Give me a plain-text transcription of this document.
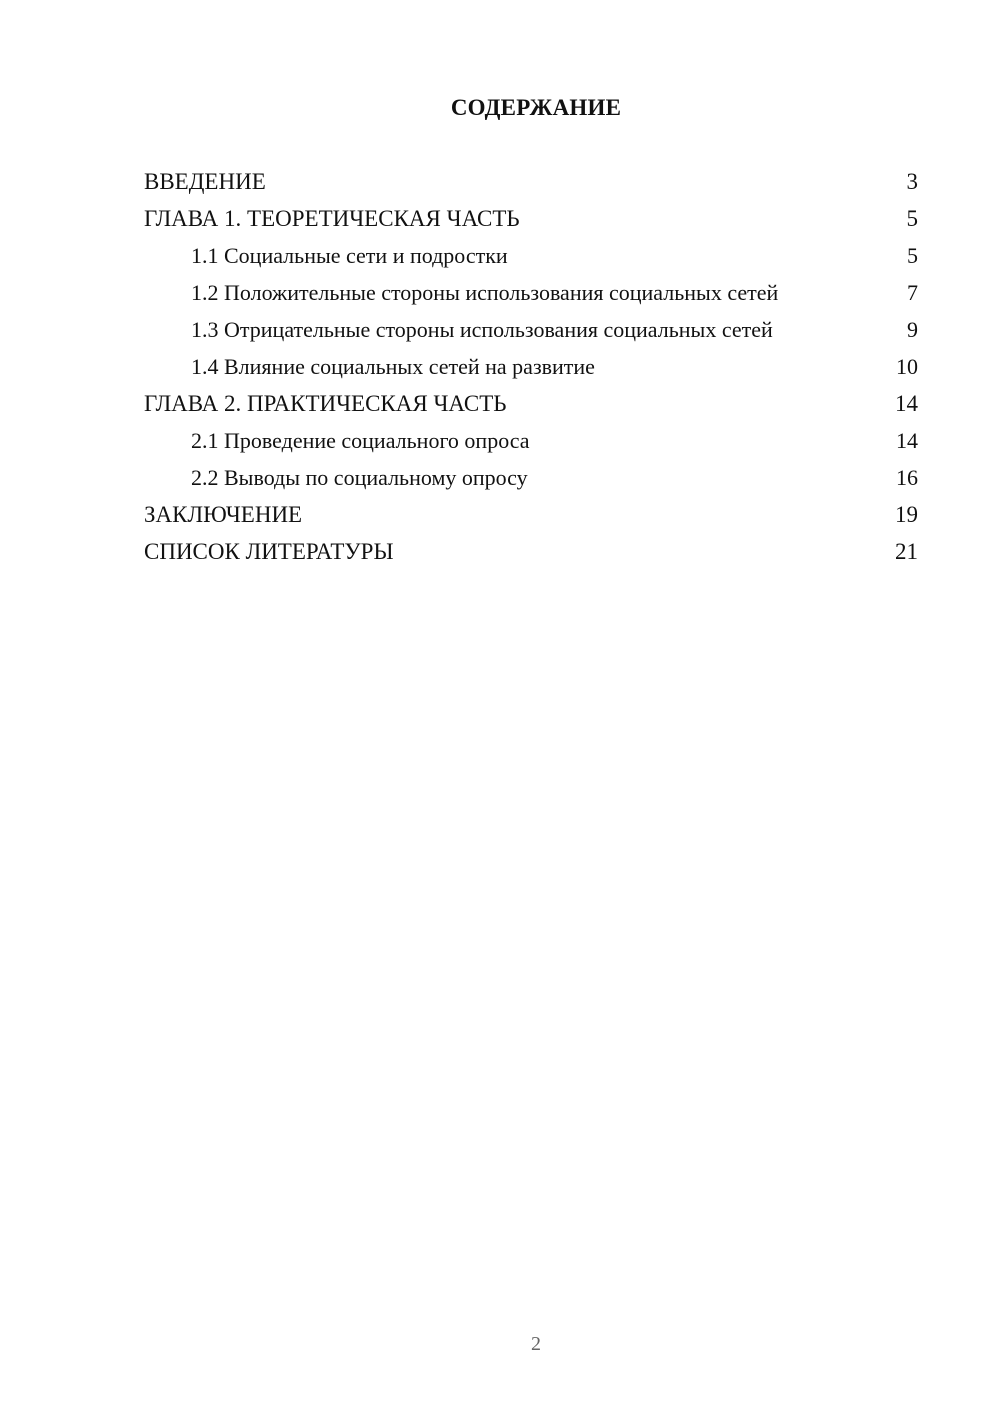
СОДЕРЖАНИЕ
ВВЕДЕНИЕ	3
ГЛАВА 1. ТЕОРЕТИЧЕСКАЯ ЧАСТЬ	5
1.1 Социальные сети и подростки	5
1.2 Положительные стороны использования социальных сетей	7
1.3 Отрицательные стороны использования социальных сетей	9
1.4 Влияние социальных сетей на развитие	10
ГЛАВА 2. ПРАКТИЧЕСКАЯ ЧАСТЬ	14
2.1 Проведение социального опроса	14
2.2 Выводы по социальному опросу	16
ЗАКЛЮЧЕНИЕ	19
СПИСОК ЛИТЕРАТУРЫ	21
2
